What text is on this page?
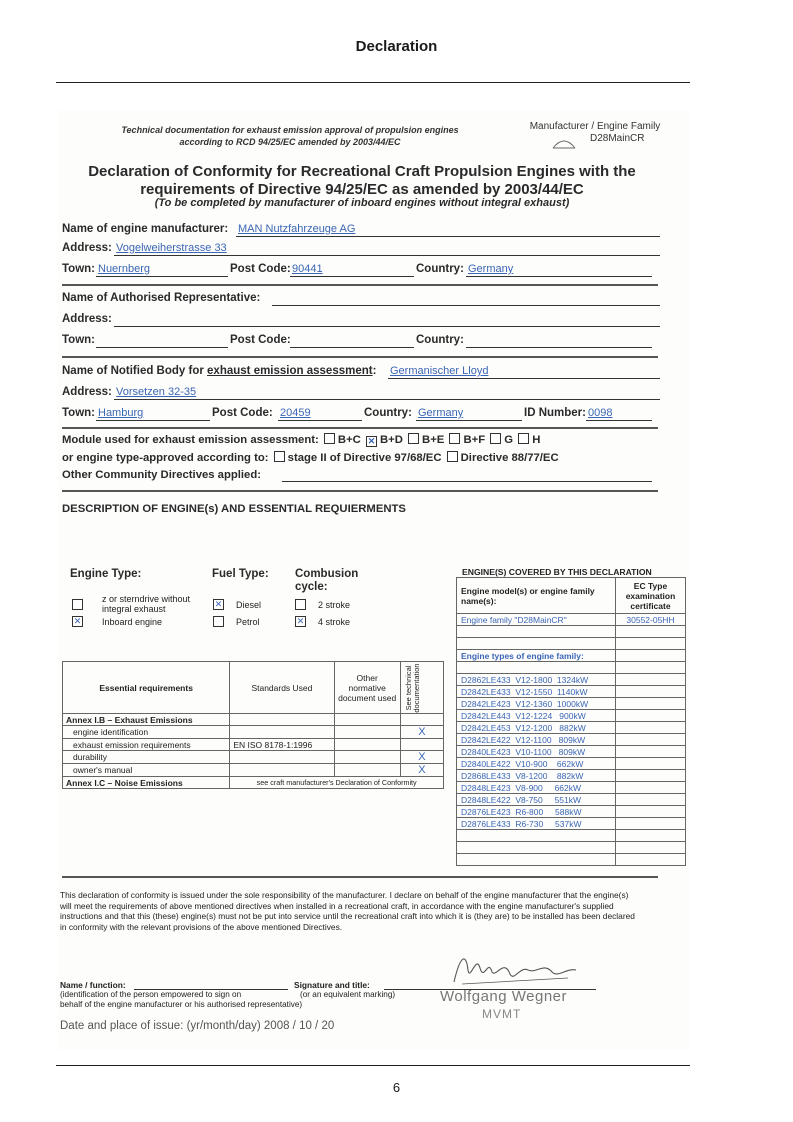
Declaration
Technical documentation for exhaust emission approval of propulsion engines
according to RCD 94/25/EC amended by 2003/44/EC
Manufacturer / Engine Family
D28MainCR
Declaration of Conformity for Recreational Craft Propulsion Engines with the
requirements of Directive 94/25/EC as amended by 2003/44/EC
(To be completed by manufacturer of inboard engines without integral exhaust)
Name of engine manufacturer: MAN Nutzfahrzeuge AG
Address: Vogelweiherstrasse 33
Town: Nuernberg	Post Code: 90441	Country: Germany
Name of Authorised Representative:
Address:
Town:	Post Code:	Country:
Name of Notified Body for exhaust emission assessment: Germanischer Lloyd
Address: Vorsetzen 32-35
Town: Hamburg	Post Code: 20459	Country: Germany	ID Number: 0098
Module used for exhaust emission assessment: B+C ✕ B+D B+E B+F G H
or engine type-approved according to: stage II of Directive 97/68/EC Directive 88/77/EC
Other Community Directives applied:
DESCRIPTION OF ENGINE(s) AND ESSENTIAL REQUIERMENTS
Engine Type:
z or sterndrive without integral exhaust
✕ Inboard engine
Fuel Type:
✕ Diesel
Petrol
Combusion
cycle:
2 stroke
✕ 4 stroke
Essential requirements	Standards Used	Other normative document used	See technical documentation

Annex I.B – Exhaust Emissions			
engine identification			X
exhaust emission requirements	EN ISO 8178-1:1996		
durability			X
owner's manual			X
Annex I.C – Noise Emissions	see craft manufacturer's Declaration of Conformity		
ENGINE(S) COVERED BY THIS DECLARATION
Engine model(s) or engine family name(s):	EC Type examination certificate
Engine family "D28MainCR"	30552-05HH

Engine types of engine family:	

D2862LE433  V12-1800  1324kW	
D2842LE433  V12-1550  1140kW	
D2842LE423  V12-1360  1000kW	
D2842LE443  V12-1224   900kW	
D2842LE453  V12-1200   882kW	
D2842LE422  V12-1100   809kW	
D2840LE423  V10-1100   809kW	
D2840LE422  V10-900    662kW	
D2868LE433  V8-1200    882kW	
D2848LE423  V8-900     662kW	
D2848LE422  V8-750     551kW	
D2876LE423  R6-800     588kW	
D2876LE433  R6-730     537kW	

This declaration of conformity is issued under the sole responsibility of the manufacturer. I declare on behalf of the engine manufacturer that the engine(s) will meet the requirements of above mentioned directives when installed in a recreational craft, in accordance with the engine manufacturer's supplied instructions and that this (these) engine(s) must not be put into service until the recreational craft into which it is (they are) to be installed has been declared in conformity with the relevant provisions of the above mentioned Directives.
Name / function:
(identification of the person empowered to sign on
behalf of the engine manufacturer or his authorised representative)
Signature and title:
(or an equivalent marking)	Wolfgang Wegner
MVMT
Date and place of issue: (yr/month/day) 2008 / 10 / 20
6
